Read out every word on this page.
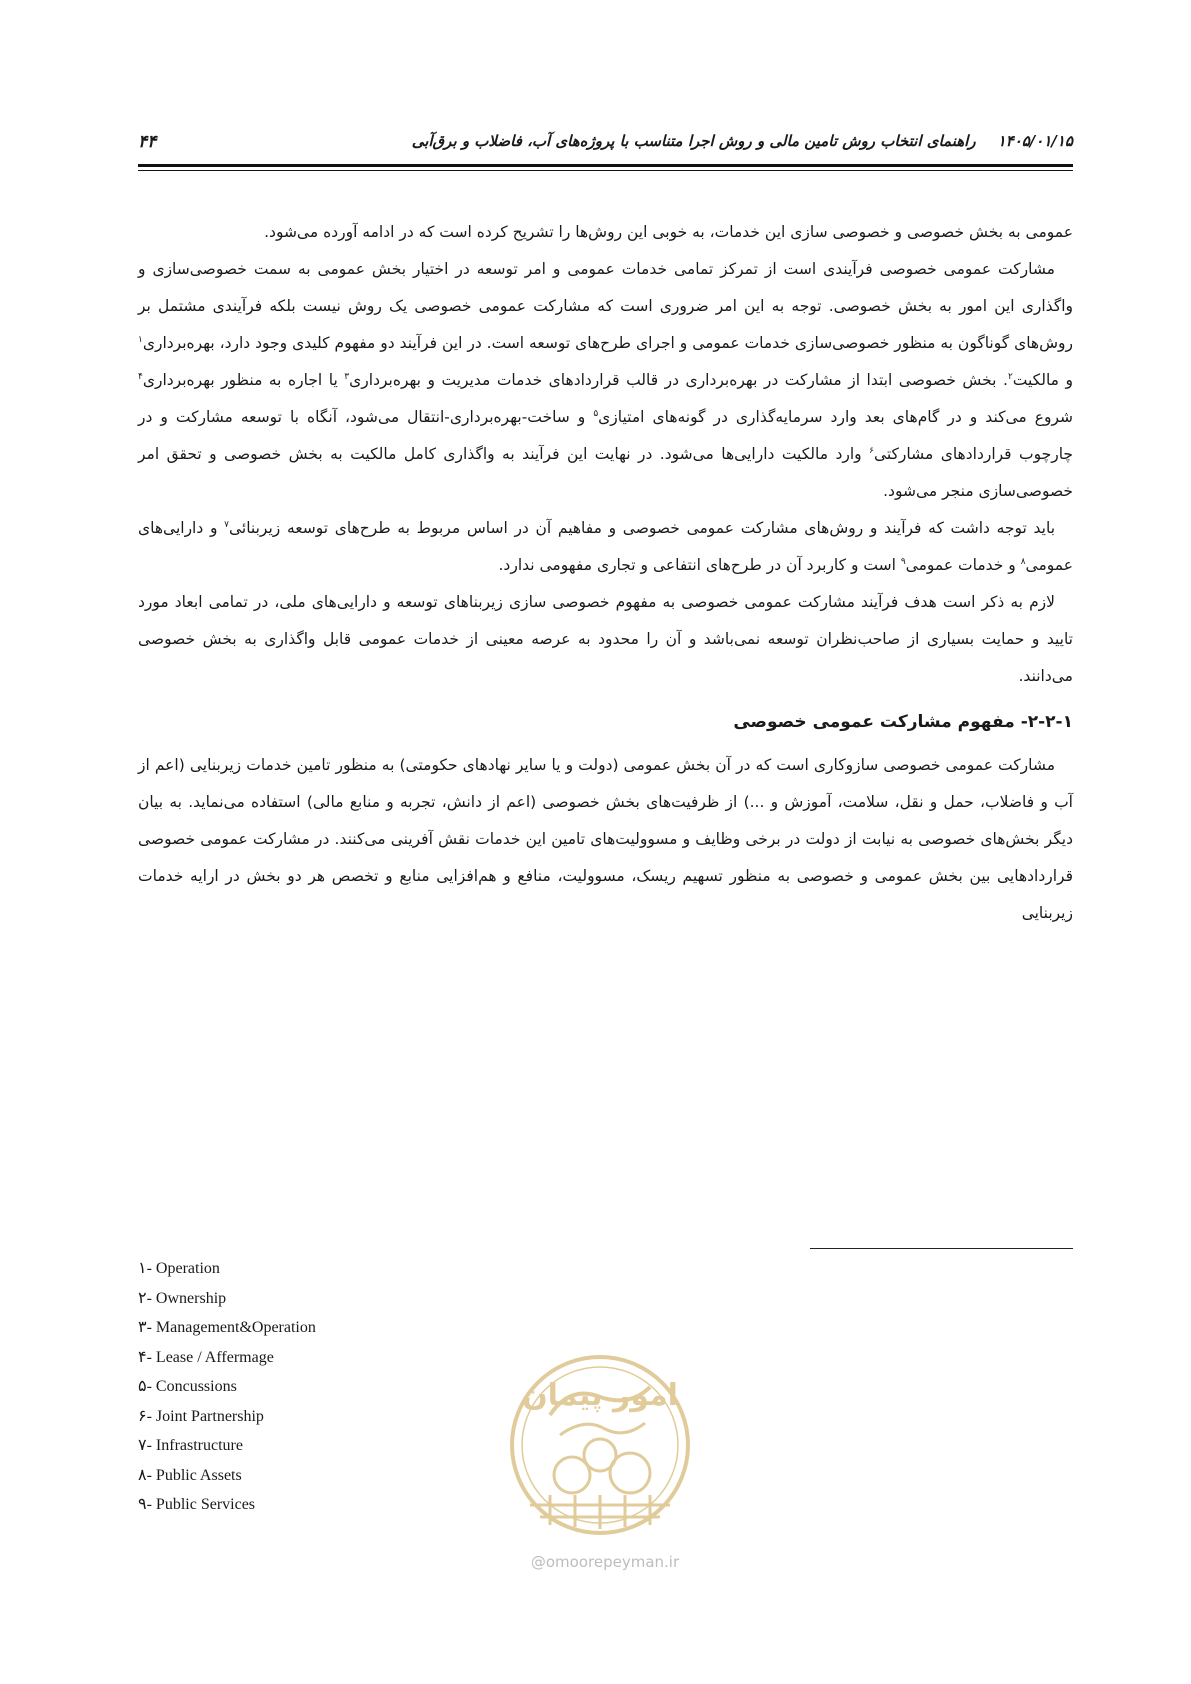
۴۴	۱۴۰۵/۰۱/۱۵راهنمای انتخاب روش تامین مالی و روش اجرا متناسب با پروژه‌های آب، فاضلاب و برق‌آبی

عمومی به بخش خصوصی و خصوصی سازی این خدمات، به خوبی این روش‌ها را تشریح کرده است که در ادامه آورده می‌شود.

مشارکت عمومی خصوصی فرآیندی است از تمرکز تمامی خدمات عمومی و امر توسعه در اختیار بخش عمومی به سمت خصوصی‌سازی و واگذاری این امور به بخش خصوصی. توجه به این امر ضروری است که مشارکت عمومی خصوصی یک روش نیست بلکه فرآیندی مشتمل بر روش‌های گوناگون به منظور خصوصی‌سازی خدمات عمومی و اجرای طرح‌های توسعه است. در این فرآیند دو مفهوم کلیدی وجود دارد، بهره‌برداری$^۱$ و مالکیت$^۲$. بخش خصوصی ابتدا از مشارکت در بهره‌برداری در قالب قراردادهای خدمات مدیریت و بهره‌برداری$^۳$ یا اجاره به منظور بهره‌برداری$^۴$ شروع می‌کند و در گام‌های بعد وارد سرمایه‌گذاری در گونه‌های امتیازی$^۵$ و ساخت-بهره‌برداری-انتقال می‌شود، آنگاه با توسعه مشارکت و در چارچوب قراردادهای مشارکتی$^۶$ وارد مالکیت دارایی‌ها می‌شود. در نهایت این فرآیند به واگذاری کامل مالکیت به بخش خصوصی و تحقق امر خصوصی‌سازی منجر می‌شود.

باید توجه داشت که فرآیند و روش‌های مشارکت عمومی خصوصی و مفاهیم آن در اساس مربوط به طرح‌های توسعه زیربنائی$^۷$ و دارایی‌های عمومی$^۸$ و خدمات عمومی$^۹$ است و کاربرد آن در طرح‌های انتفاعی و تجاری مفهومی ندارد.

لازم به ذکر است هدف فرآیند مشارکت عمومی خصوصی به مفهوم خصوصی سازی زیربناهای توسعه و دارایی‌های ملی، در تمامی ابعاد مورد تایید و حمایت بسیاری از صاحب‌نظران توسعه نمی‌باشد و آن را محدود به عرصه معینی از خدمات عمومی قابل واگذاری به بخش خصوصی می‌دانند.

۲-۲-۱- مفهوم مشارکت عمومی خصوصی

مشارکت عمومی خصوصی سازوکاری است که در آن بخش عمومی (دولت و یا سایر نهادهای حکومتی) به منظور تامین خدمات زیربنایی (اعم از آب و فاضلاب، حمل و نقل، سلامت، آموزش و ...) از ظرفیت‌های بخش خصوصی (اعم از دانش، تجربه و منابع مالی) استفاده می‌نماید. به بیان دیگر بخش‌های خصوصی به نیابت از دولت در برخی وظایف و مسوولیت‌های تامین این خدمات نقش آفرینی می‌کنند. در مشارکت عمومی خصوصی قراردادهایی بین بخش عمومی و خصوصی به منظور تسهیم ریسک، مسوولیت، منافع و هم‌افزایی منابع و تخصص هر دو بخش در ارایه خدمات زیربنایی

۱- Operation
۲- Ownership
۳- Management&Operation
۴- Lease / Affermage
۵- Concussions
۶- Joint Partnership
۷- Infrastructure
۸- Public Assets
۹- Public Services
امور پیمان
@omoorepeyman.ir
